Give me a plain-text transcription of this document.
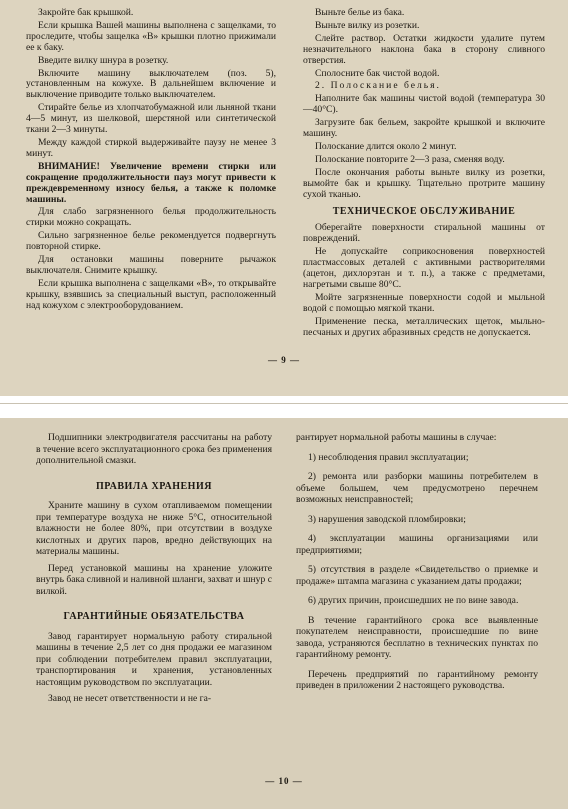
Закройте бак крышкой.

Если крышка Вашей машины выполнена с защелками, то проследите, чтобы защелка «В» крышки плотно прижимали ее к баку.

Введите вилку шнура в розетку.

Включите машину выключателем (поз. 5), установленным на кожухе. В дальнейшем включение и выключение приводите только выключателем.

Стирайте белье из хлопчатобумажной или льняной ткани 4—5 минут, из шелковой, шерстяной или синтетической ткани 2—3 минуты.

Между каждой стиркой выдерживайте паузу не менее 3 минут.

ВНИМАНИЕ! Увеличение времени стирки или сокращение продолжительности пауз могут привести к преждевременному износу белья, а также к поломке машины.

Для слабо загрязненного белья продолжительность стирки можно сокращать.

Сильно загрязненное белье рекомендуется подвергнуть повторной стирке.

Для остановки машины поверните рычажок выключателя. Снимите крышку.

Если крышка выполнена с защелками «В», то открывайте крышку, взявшись за специальный выступ, расположенный над кожухом с электрооборудованием.

Выньте белье из бака.

Выньте вилку из розетки.

Слейте раствор. Остатки жидкости удалите путем незначительного наклона бака в сторону сливного отверстия.

Сполосните бак чистой водой.

2. Полоскание белья.

Наполните бак машины чистой водой (температура 30—40°С).

Загрузите бак бельем, закройте крышкой и включите машину.

Полоскание длится около 2 минут.

Полоскание повторите 2—3 раза, сменяя воду.

После окончания работы выньте вилку из розетки, вымойте бак и крышку. Тщательно протрите машину сухой тканью.

ТЕХНИЧЕСКОЕ ОБСЛУЖИВАНИЕ

Оберегайте поверхности стиральной машины от повреждений.

Не допускайте соприкосновения поверхностей пластмассовых деталей с активными растворителями (ацетон, дихлорэтан и т. п.), а также с предметами, нагретыми свыше 80°С.

Мойте загрязненные поверхности содой и мыльной водой с помощью мягкой ткани.

Применение песка, металлических щеток, мыльно-песчаных и других абразивных средств не допускается.

— 9 —

Подшипники электродвигателя рассчитаны на работу в течение всего эксплуатационного срока без применения дополнительной смазки.

ПРАВИЛА ХРАНЕНИЯ

Храните машину в сухом отапливаемом помещении при температуре воздуха не ниже 5°С, относительной влажности не более 80%, при отсутствии в воздухе кислотных и других паров, вредно действующих на материалы машины.

Перед установкой машины на хранение уложите внутрь бака сливной и наливной шланги, захват и шнур с вилкой.

ГАРАНТИЙНЫЕ ОБЯЗАТЕЛЬСТВА

Завод гарантирует нормальную работу стиральной машины в течение 2,5 лет со дня продажи ее магазином при соблюдении потребителем правил эксплуатации, транспортирования и хранения, установленных настоящим руководством по эксплуатации.

Завод не несет ответственности и не га-

рантирует нормальной работы машины в случае:

1) несоблюдения правил эксплуатации;

2) ремонта или разборки машины потребителем в объеме большем, чем предусмотрено перечнем возможных неисправностей;

3) нарушения заводской пломбировки;

4) эксплуатации машины организациями или предприятиями;

5) отсутствия в разделе «Свидетельство о приемке и продаже» штампа магазина с указанием даты продажи;

6) других причин, происшедших не по вине завода.

В течение гарантийного срока все выявленные покупателем неисправности, происшедшие по вине завода, устраняются бесплатно в технических пунктах по гарантийному ремонту.

Перечень предприятий по гарантийному ремонту приведен в приложении 2 настоящего руководства.

— 10 —
